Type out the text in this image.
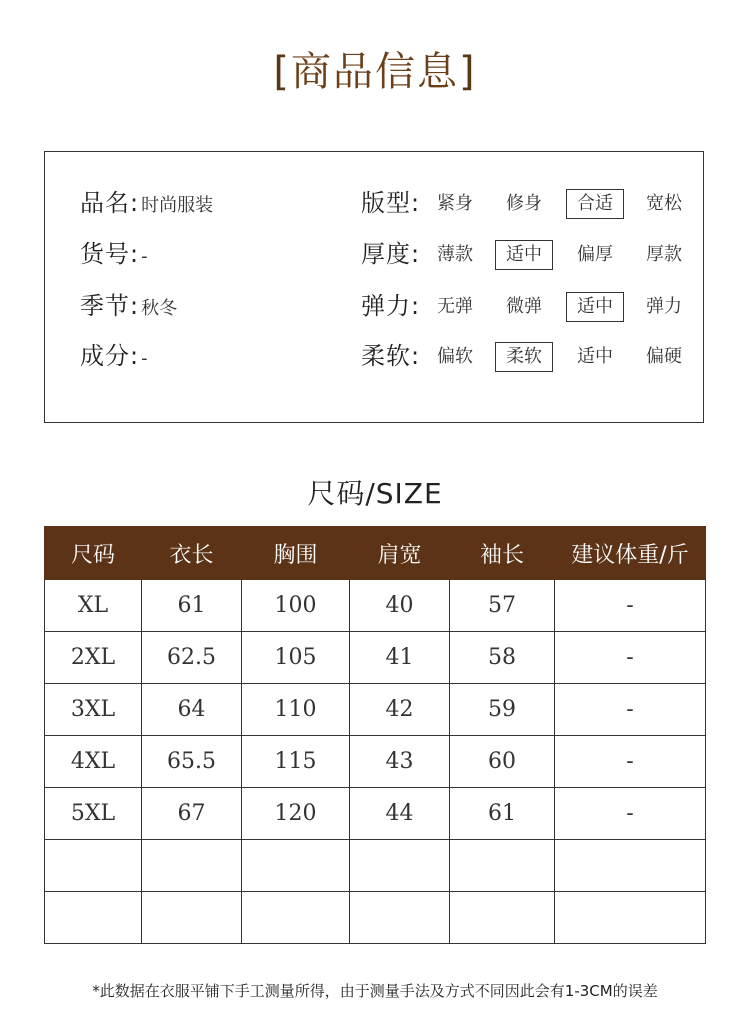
[商品信息]
品名: 时尚服装	版型: 紧身	修身	合适	宽松
货号: -	厚度: 薄款	适中	偏厚	厚款
季节: 秋冬	弹力: 无弹	微弹	适中	弹力
成分: -	柔软: 偏软	柔软	适中	偏硬
尺码/SIZE
尺码	衣长	胸围	肩宽	袖长	建议体重/斤
XL	61	100	40	57	-
2XL	62.5	105	41	58	-
3XL	64	110	42	59	-
4XL	65.5	115	43	60	-
5XL	67	120	44	61	-

*此数据在衣服平铺下手工测量所得，由于测量手法及方式不同因此会有1-3CM的误差
